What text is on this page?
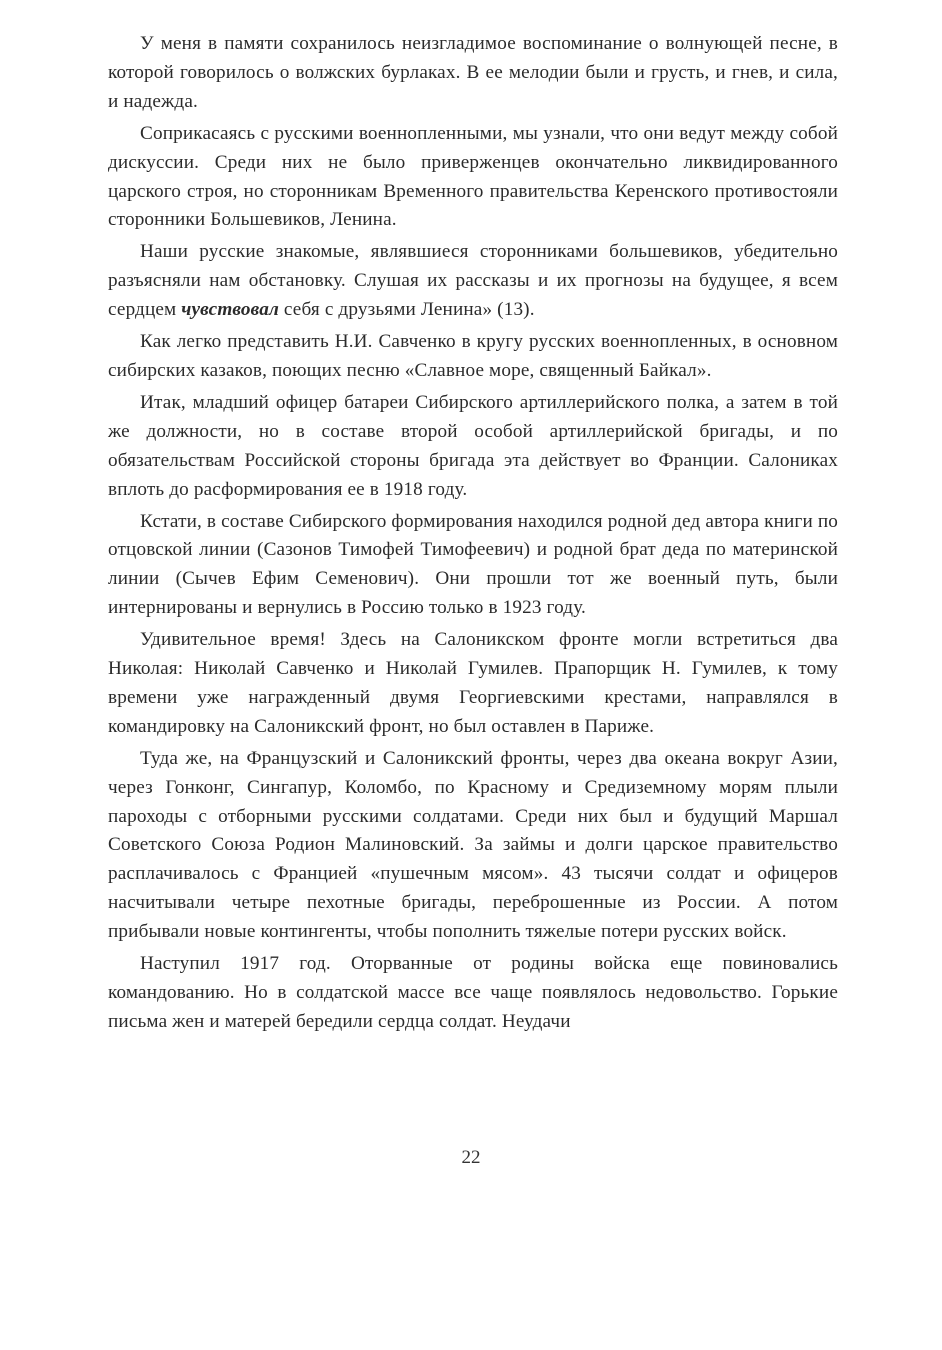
У меня в памяти сохранилось неизгладимое воспоминание о волнующей песне, в которой говорилось о волжских бурлаках. В ее мелодии были и грусть, и гнев, и сила, и надежда.

Соприкасаясь с русскими военнопленными, мы узнали, что они ведут между собой дискуссии. Среди них не было приверженцев окончательно ликвидированного царского строя, но сторонникам Временного правительства Керенского противостояли сторонники Большевиков, Ленина.

Наши русские знакомые, являвшиеся сторонниками большевиков, убедительно разъясняли нам обстановку. Слушая их рассказы и их прогнозы на будущее, я всем сердцем чувствовал себя с друзьями Ленина» (13).

Как легко представить Н.И. Савченко в кругу русских военнопленных, в основном сибирских казаков, поющих песню «Славное море, священный Байкал».

Итак, младший офицер батареи Сибирского артиллерийского полка, а затем в той же должности, но в составе второй особой артиллерийской бригады, и по обязательствам Российской стороны бригада эта действует во Франции. Салониках вплоть до расформирования ее в 1918 году.

Кстати, в составе Сибирского формирования находился родной дед автора книги по отцовской линии (Сазонов Тимофей Тимофеевич) и родной брат деда по материнской линии (Сычев Ефим Семенович). Они прошли тот же военный путь, были интернированы и вернулись в Россию только в 1923 году.

Удивительное время! Здесь на Салоникском фронте могли встретиться два Николая: Николай Савченко и Николай Гумилев. Прапорщик Н. Гумилев, к тому времени уже награжденный двумя Георгиевскими крестами, направлялся в командировку на Салоникский фронт, но был оставлен в Париже.

Туда же, на Французский и Салоникский фронты, через два океана вокруг Азии, через Гонконг, Сингапур, Коломбо, по Красному и Средиземному морям плыли пароходы с отборными русскими солдатами. Среди них был и будущий Маршал Советского Союза Родион Малиновский. За займы и долги царское правительство расплачивалось с Францией «пушечным мясом». 43 тысячи солдат и офицеров насчитывали четыре пехотные бригады, переброшенные из России. А потом прибывали новые контингенты, чтобы пополнить тяжелые потери русских войск.

Наступил 1917 год. Оторванные от родины войска еще повиновались командованию. Но в солдатской массе все чаще появлялось недовольство. Горькие письма жен и матерей бередили сердца солдат. Неудачи

22
